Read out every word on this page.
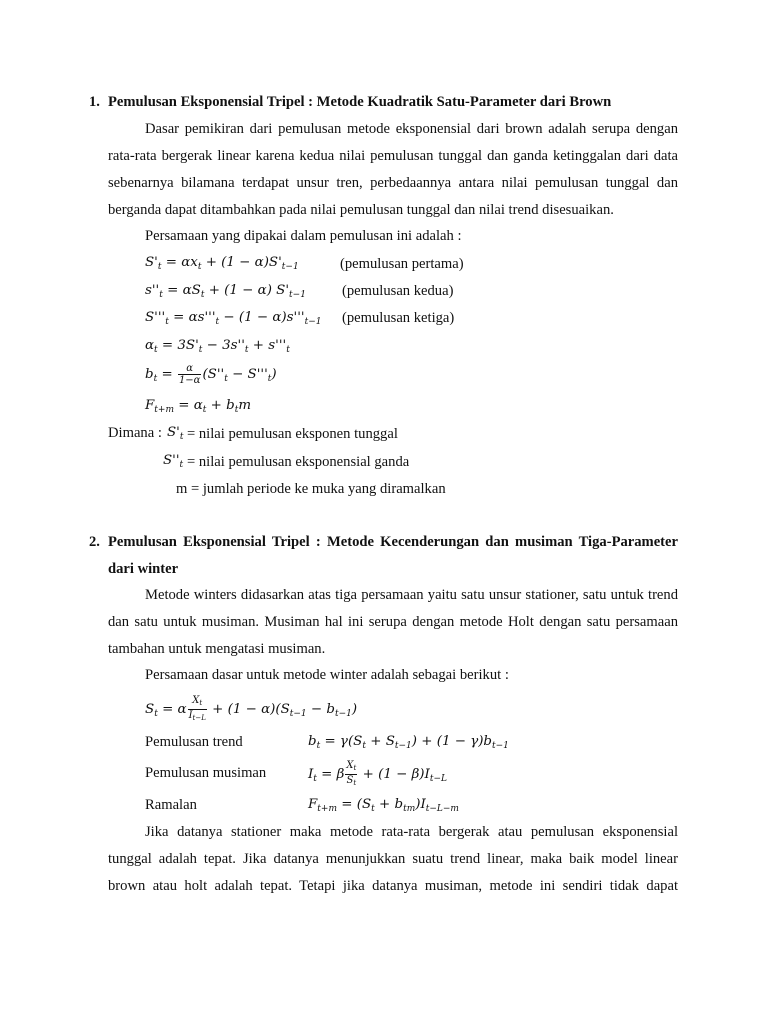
1. Pemulusan Eksponensial Tripel : Metode Kuadratik Satu-Parameter dari Brown
Dasar pemikiran dari pemulusan metode eksponensial dari brown adalah serupa dengan
rata-rata bergerak linear karena kedua nilai pemulusan tunggal dan ganda ketinggalan dari data
sebenarnya bilamana terdapat unsur tren, perbedaannya antara nilai pemulusan tunggal dan
berganda dapat ditambahkan pada nilai pemulusan tunggal dan nilai trend disesuaikan.
Persamaan yang dipakai dalam pemulusan ini adalah :
$S'_t = \alpha x_t + (1 - \alpha)S'_{t-1}$	(pemulusan pertama)
$s''_t = \alpha S_t + (1 - \alpha)$ $S'_{t-1}$ (pemulusan kedua)
$S'''_t = \alpha s'''_t - (1 - \alpha)s'''_{t-1}$ (pemulusan ketiga)
$\alpha_t = 3S'_t - 3s''_t + s'''_t$
$b_t = \frac{\alpha}{1-\alpha} (S''_t - S'''_t)$
$F_{t+m} = \alpha_t + b_tm$
Dimana : $S'_t$ = nilai pemulusan eksponen tunggal
$S''_t$ = nilai pemulusan eksponensial ganda
m = jumlah periode ke muka yang diramalkan
2. Pemulusan Eksponensial Tripel : Metode Kecenderungan dan musiman Tiga-Parameter
dari winter
Metode winters didasarkan atas tiga persamaan yaitu satu unsur stationer, satu untuk trend
dan satu untuk musiman. Musiman hal ini serupa dengan metode Holt dengan satu persamaan
tambahan untuk mengatasi musiman.
Persamaan dasar untuk metode winter adalah sebagai berikut :
$S_t = \alpha \frac{X_t}{I_{t-L}} + (1 - \alpha)(S_{t-1} - b_{t-1})$
Pemulusan trend	$b_t = \gamma(S_t + S_{t-1}) + (1 - \gamma)b_{t-1}$
Pemulusan musiman	$I_t = \beta \frac{X_t}{S_t} + (1 - \beta)I_{t-L}$
Ramalan	$F_{t+m} = (S_t + b_{tm})I_{t-L-m}$
Jika datanya stationer maka metode rata-rata bergerak atau pemulusan eksponensial
tunggal adalah tepat. Jika datanya menunjukkan suatu trend linear, maka baik model linear
brown atau holt adalah tepat. Tetapi jika datanya musiman, metode ini sendiri tidak dapat
